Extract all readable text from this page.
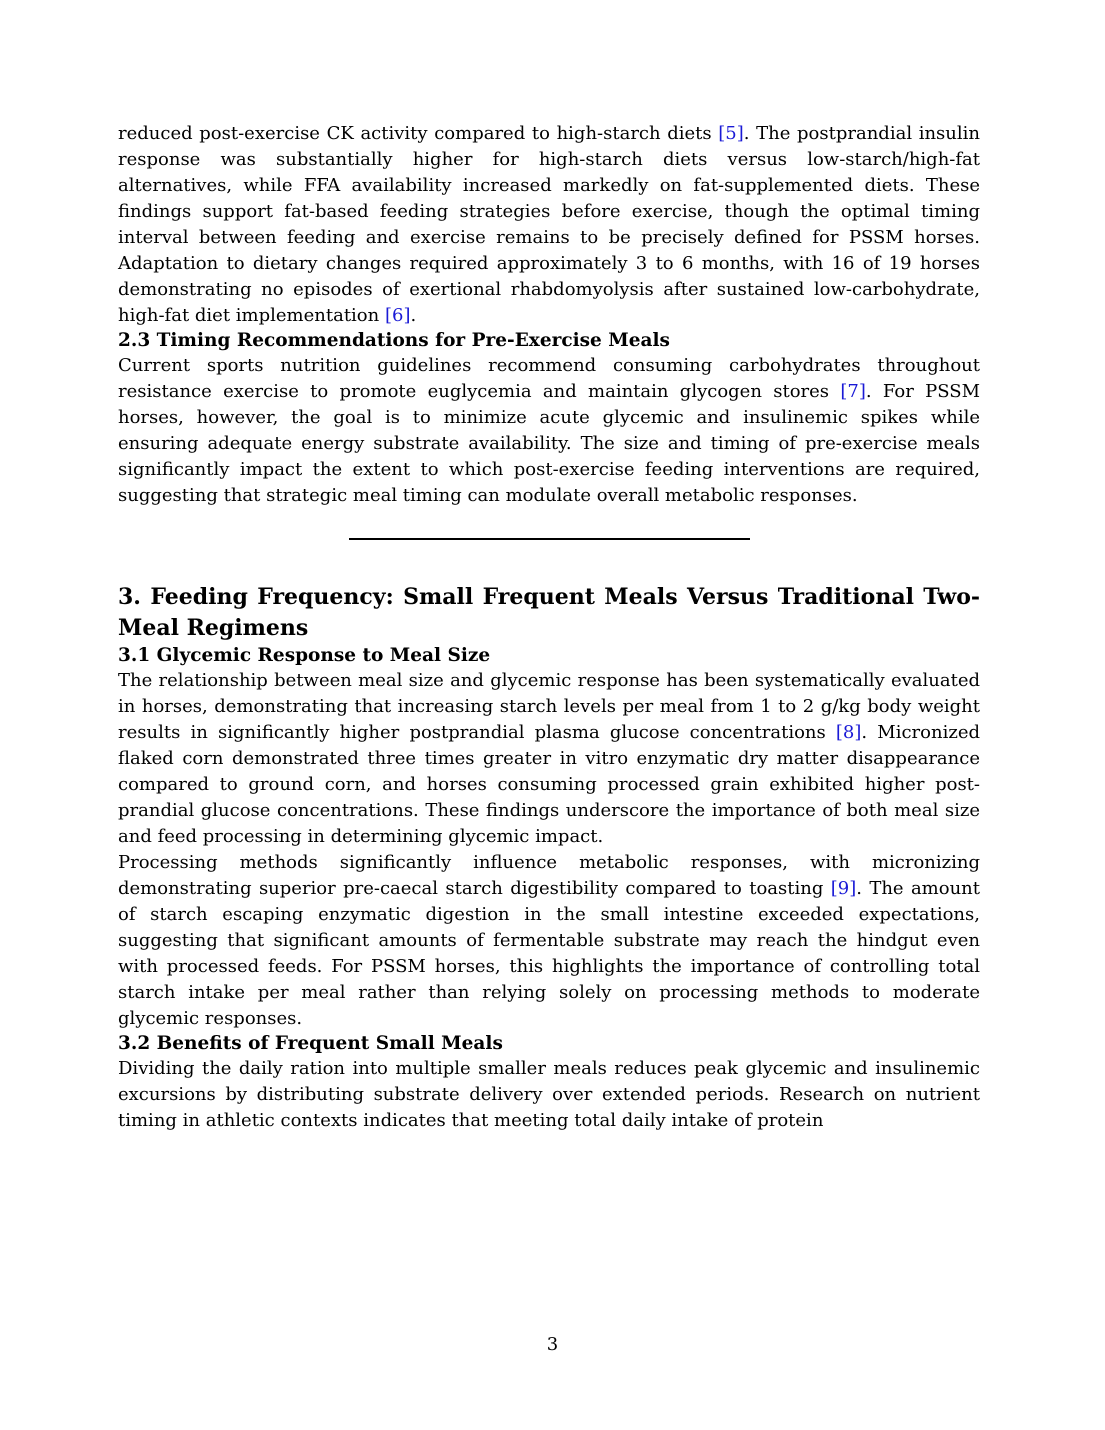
reduced post-exercise CK activity compared to high-starch diets [5]. The postprandial insulin response was substantially higher for high-starch diets versus low-starch/high-fat alternatives, while FFA availability increased markedly on fat-supplemented diets. These findings support fat-based feeding strategies before exercise, though the optimal timing interval between feeding and exercise remains to be precisely defined for PSSM horses. Adaptation to dietary changes required approximately 3 to 6 months, with 16 of 19 horses demonstrating no episodes of exertional rhabdomyolysis after sustained low-carbohydrate, high-fat diet implementation [6].

2.3 Timing Recommendations for Pre-Exercise Meals

Current sports nutrition guidelines recommend consuming carbohydrates throughout resistance exercise to promote euglycemia and maintain glycogen stores [7]. For PSSM horses, however, the goal is to minimize acute glycemic and insulinemic spikes while ensuring adequate energy substrate availability. The size and timing of pre-exercise meals significantly impact the extent to which post-exercise feeding interventions are required, suggesting that strategic meal timing can modulate overall metabolic responses.

3. Feeding Frequency: Small Frequent Meals Versus Traditional Two-Meal Regimens
3.1 Glycemic Response to Meal Size

The relationship between meal size and glycemic response has been systematically evaluated in horses, demonstrating that increasing starch levels per meal from 1 to 2 g/kg body weight results in significantly higher postprandial plasma glucose concentrations [8]. Micronized flaked corn demonstrated three times greater in vitro enzymatic dry matter disappearance compared to ground corn, and horses consuming processed grain exhibited higher post-prandial glucose concentrations. These findings underscore the importance of both meal size and feed processing in determining glycemic impact.

Processing methods significantly influence metabolic responses, with micronizing demonstrating superior pre-caecal starch digestibility compared to toasting [9]. The amount of starch escaping enzymatic digestion in the small intestine exceeded expectations, suggesting that significant amounts of fermentable substrate may reach the hindgut even with processed feeds. For PSSM horses, this highlights the importance of controlling total starch intake per meal rather than relying solely on processing methods to moderate glycemic responses.

3.2 Benefits of Frequent Small Meals

Dividing the daily ration into multiple smaller meals reduces peak glycemic and insulinemic excursions by distributing substrate delivery over extended periods. Research on nutrient timing in athletic contexts indicates that meeting total daily intake of protein

3
